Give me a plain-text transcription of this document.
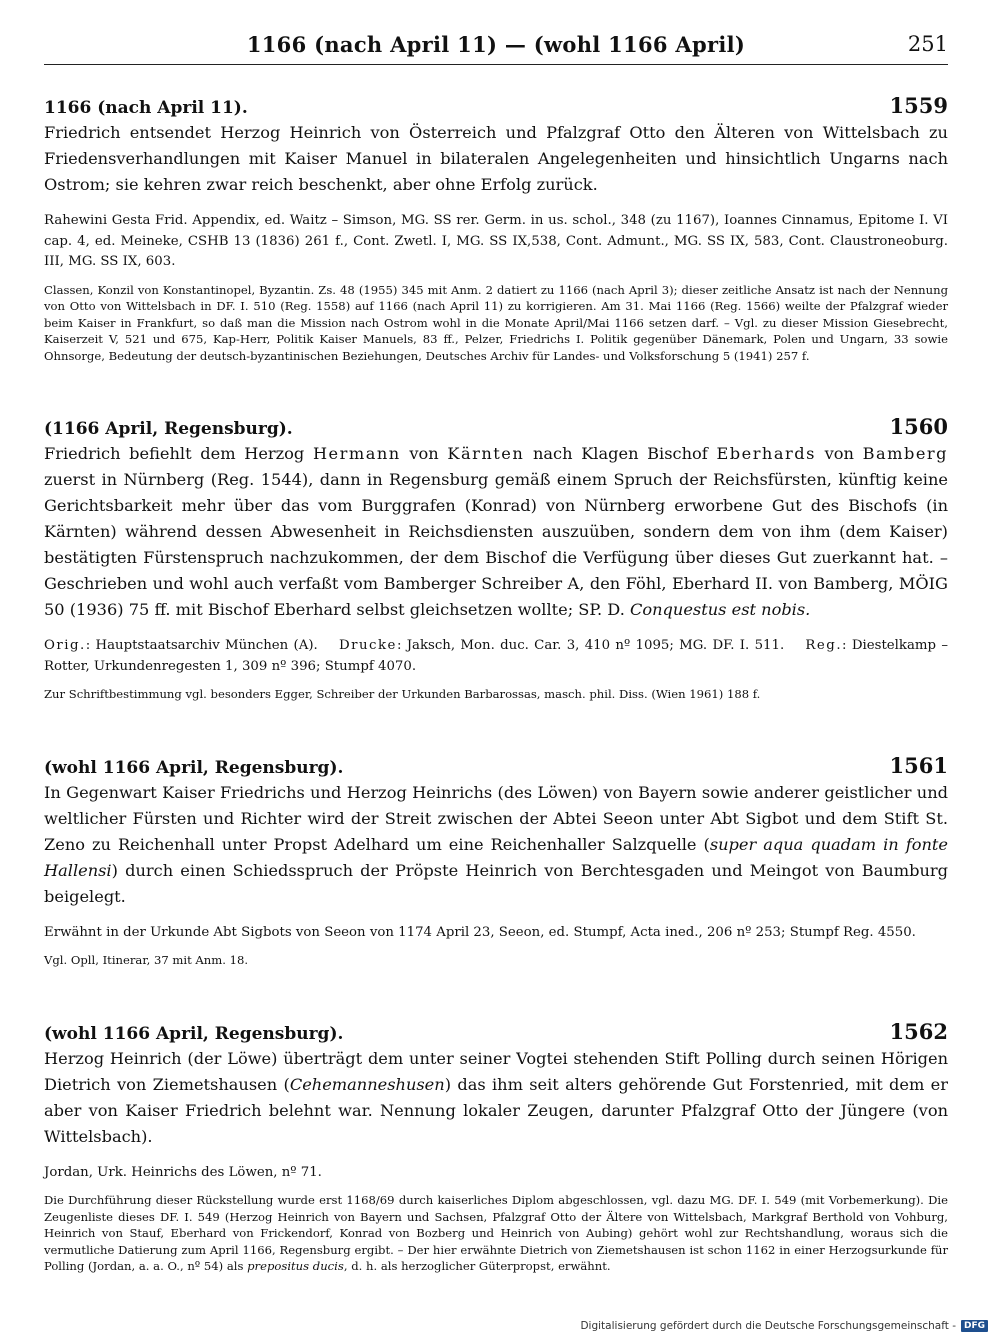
1166 (nach April 11) — (wohl 1166 April)	251
1166 (nach April 11).	1559

Friedrich entsendet Herzog Heinrich von Österreich und Pfalzgraf Otto den Älteren von Wittelsbach zu Friedensverhandlungen mit Kaiser Manuel in bilateralen Angelegenheiten und hinsichtlich Ungarns nach Ostrom; sie kehren zwar reich beschenkt, aber ohne Erfolg zurück.

Rahewini Gesta Frid. Appendix, ed. Waitz – Simson, MG. SS rer. Germ. in us. schol., 348 (zu 1167), Ioannes Cinnamus, Epitome I. VI cap. 4, ed. Meineke, CSHB 13 (1836) 261 f., Cont. Zwetl. I, MG. SS IX,538, Cont. Admunt., MG. SS IX, 583, Cont. Claustroneoburg. III, MG. SS IX, 603.

Classen, Konzil von Konstantinopel, Byzantin. Zs. 48 (1955) 345 mit Anm. 2 datiert zu 1166 (nach April 3); dieser zeitliche Ansatz ist nach der Nennung von Otto von Wittelsbach in DF. I. 510 (Reg. 1558) auf 1166 (nach April 11) zu korrigieren. Am 31. Mai 1166 (Reg. 1566) weilte der Pfalzgraf wieder beim Kaiser in Frankfurt, so daß man die Mission nach Ostrom wohl in die Monate April/Mai 1166 setzen darf. – Vgl. zu dieser Mission Giesebrecht, Kaiserzeit V, 521 und 675, Kap-Herr, Politik Kaiser Manuels, 83 ff., Pelzer, Friedrichs I. Politik gegenüber Dänemark, Polen und Ungarn, 33 sowie Ohnsorge, Bedeutung der deutsch-byzantinischen Beziehungen, Deutsches Archiv für Landes- und Volksforschung 5 (1941) 257 f.

(1166 April, Regensburg).	1560

Friedrich befiehlt dem Herzog Hermann von Kärnten nach Klagen Bischof Eberhards von Bamberg zuerst in Nürnberg (Reg. 1544), dann in Regensburg gemäß einem Spruch der Reichsfürsten, künftig keine Gerichtsbarkeit mehr über das vom Burggrafen (Konrad) von Nürnberg erworbene Gut des Bischofs (in Kärnten) während dessen Abwesenheit in Reichsdiensten auszuüben, sondern dem von ihm (dem Kaiser) bestätigten Fürstenspruch nachzukommen, der dem Bischof die Verfügung über dieses Gut zuerkannt hat. – Geschrieben und wohl auch verfaßt vom Bamberger Schreiber A, den Föhl, Eberhard II. von Bamberg, MÖIG 50 (1936) 75 ff. mit Bischof Eberhard selbst gleichsetzen wollte; SP. D. Conquestus est nobis.

Orig.: Hauptstaatsarchiv München (A). Drucke: Jaksch, Mon. duc. Car. 3, 410 nº 1095; MG. DF. I. 511. Reg.: Diestelkamp – Rotter, Urkundenregesten 1, 309 nº 396; Stumpf 4070.

Zur Schriftbestimmung vgl. besonders Egger, Schreiber der Urkunden Barbarossas, masch. phil. Diss. (Wien 1961) 188 f.

(wohl 1166 April, Regensburg).	1561

In Gegenwart Kaiser Friedrichs und Herzog Heinrichs (des Löwen) von Bayern sowie anderer geistlicher und weltlicher Fürsten und Richter wird der Streit zwischen der Abtei Seeon unter Abt Sigbot und dem Stift St. Zeno zu Reichenhall unter Propst Adelhard um eine Reichenhaller Salzquelle (super aqua quadam in fonte Hallensi) durch einen Schiedsspruch der Pröpste Heinrich von Berchtesgaden und Meingot von Baumburg beigelegt.

Erwähnt in der Urkunde Abt Sigbots von Seeon von 1174 April 23, Seeon, ed. Stumpf, Acta ined., 206 nº 253; Stumpf Reg. 4550.

Vgl. Opll, Itinerar, 37 mit Anm. 18.

(wohl 1166 April, Regensburg).	1562

Herzog Heinrich (der Löwe) überträgt dem unter seiner Vogtei stehenden Stift Polling durch seinen Hörigen Dietrich von Ziemetshausen (Cehemanneshusen) das ihm seit alters gehörende Gut Forstenried, mit dem er aber von Kaiser Friedrich belehnt war. Nennung lokaler Zeugen, darunter Pfalzgraf Otto der Jüngere (von Wittelsbach).

Jordan, Urk. Heinrichs des Löwen, nº 71.

Die Durchführung dieser Rückstellung wurde erst 1168/69 durch kaiserliches Diplom abgeschlossen, vgl. dazu MG. DF. I. 549 (mit Vorbemerkung). Die Zeugenliste dieses DF. I. 549 (Herzog Heinrich von Bayern und Sachsen, Pfalzgraf Otto der Ältere von Wittelsbach, Markgraf Berthold von Vohburg, Heinrich von Stauf, Eberhard von Frickendorf, Konrad von Bozberg und Heinrich von Aubing) gehört wohl zur Rechtshandlung, woraus sich die vermutliche Datierung zum April 1166, Regensburg ergibt. – Der hier erwähnte Dietrich von Ziemetshausen ist schon 1162 in einer Herzogsurkunde für Polling (Jordan, a. a. O., nº 54) als prepositus ducis, d. h. als herzoglicher Güterpropst, erwähnt.

Digitalisierung gefördert durch die Deutsche Forschungsgemeinschaft - DFG
